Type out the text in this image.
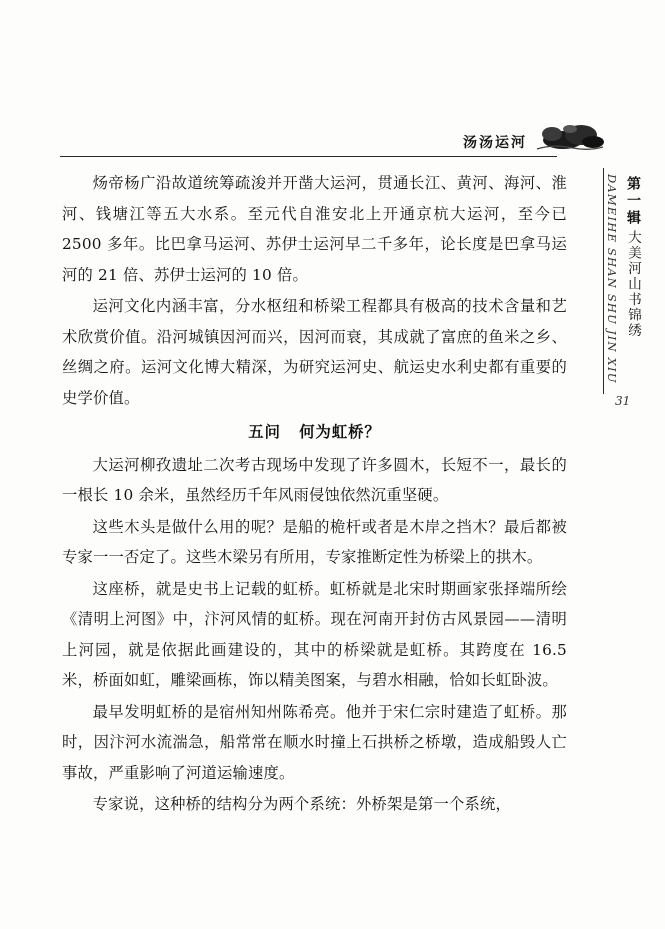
汤汤运河
DAMEIHE SHAN SHU JIN XIU 第一辑
大美河山书锦绣
31

炀帝杨广沿故道统筹疏浚并开凿大运河，贯通长江、黄河、海河、淮河、钱塘江等五大水系。至元代自淮安北上开通京杭大运河，至今已 2500 多年。比巴拿马运河、苏伊士运河早二千多年，论长度是巴拿马运河的 21 倍、苏伊士运河的 10 倍。

运河文化内涵丰富，分水枢纽和桥梁工程都具有极高的技术含量和艺术欣赏价值。沿河城镇因河而兴，因河而衰，其成就了富庶的鱼米之乡、丝绸之府。运河文化博大精深，为研究运河史、航运史水利史都有重要的史学价值。

五问 何为虹桥？

大运河柳孜遗址二次考古现场中发现了许多圆木，长短不一，最长的一根长 10 余米，虽然经历千年风雨侵蚀依然沉重坚硬。

这些木头是做什么用的呢？是船的桅杆或者是木岸之挡木？最后都被专家一一否定了。这些木梁另有所用，专家推断定性为桥梁上的拱木。

这座桥，就是史书上记载的虹桥。虹桥就是北宋时期画家张择端所绘《清明上河图》中，汴河风情的虹桥。现在河南开封仿古风景园——清明上河园，就是依据此画建设的，其中的桥梁就是虹桥。其跨度在 16.5 米，桥面如虹，雕梁画栋，饰以精美图案，与碧水相融，恰如长虹卧波。

最早发明虹桥的是宿州知州陈希亮。他并于宋仁宗时建造了虹桥。那时，因汴河水流湍急，船常常在顺水时撞上石拱桥之桥墩，造成船毁人亡事故，严重影响了河道运输速度。

专家说，这种桥的结构分为两个系统：外桥架是第一个系统，
